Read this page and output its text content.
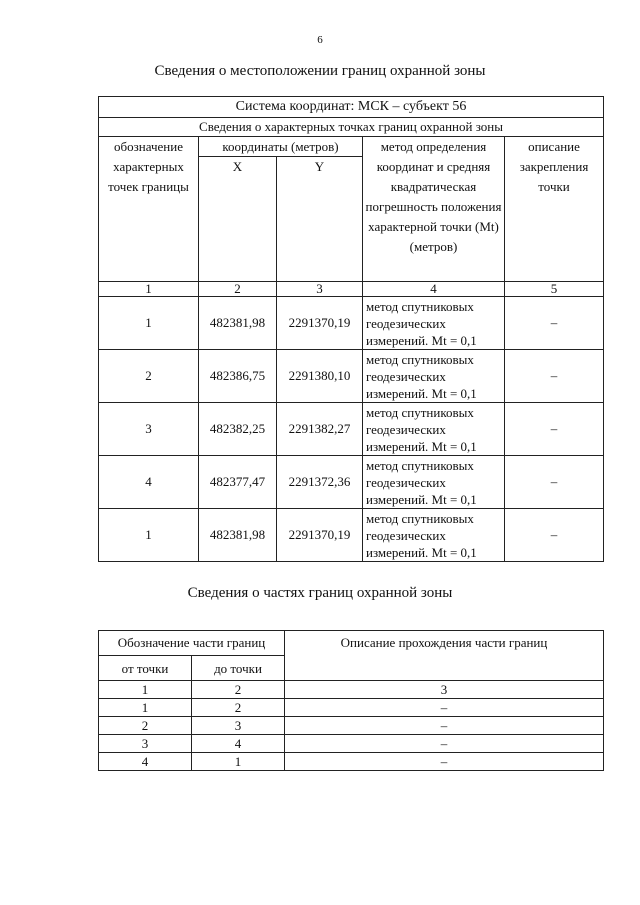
6
Сведения о местоположении границ охранной зоны
Система координат: МСК – субъект 56				
Сведения о характерных точках границ охранной зоны				
обозначение характерных точек границы	координаты (метров)		метод определения координат и средняя квадратическая погрешность положения характерной точки (Mt) (метров)	описание закрепления точки
	X	Y		
1	2	3	4	5
1	482381,98	2291370,19	метод спутниковых геодезических измерений. Mt = 0,1	–
2	482386,75	2291380,10	метод спутниковых геодезических измерений. Mt = 0,1	–
3	482382,25	2291382,27	метод спутниковых геодезических измерений. Mt = 0,1	–
4	482377,47	2291372,36	метод спутниковых геодезических измерений. Mt = 0,1	–
1	482381,98	2291370,19	метод спутниковых геодезических измерений. Mt = 0,1	–
Сведения о частях границ охранной зоны
Обозначение части границ		Описание прохождения части границ
от точки	до точки	
1	2	3
1	2	–
2	3	–
3	4	–
4	1	–
